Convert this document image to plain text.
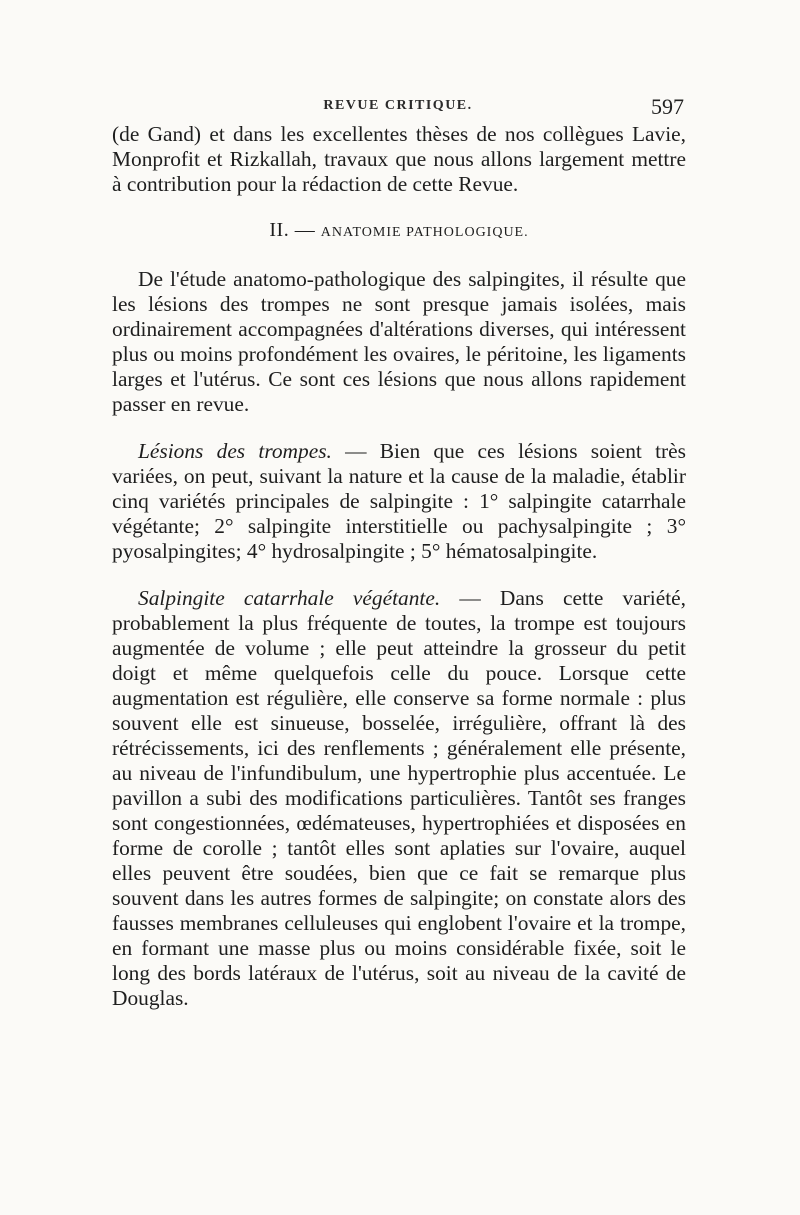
REVUE CRITIQUE.	597

(de Gand) et dans les excellentes thèses de nos collègues Lavie, Monprofit et Rizkallah, travaux que nous allons largement mettre à contribution pour la rédaction de cette Revue.

II. — ANATOMIE PATHOLOGIQUE.

De l'étude anatomo-pathologique des salpingites, il résulte que les lésions des trompes ne sont presque jamais isolées, mais ordinairement accompagnées d'altérations diverses, qui intéressent plus ou moins profondément les ovaires, le péritoine, les ligaments larges et l'utérus. Ce sont ces lésions que nous allons rapidement passer en revue.

Lésions des trompes. — Bien que ces lésions soient très variées, on peut, suivant la nature et la cause de la maladie, établir cinq variétés principales de salpingite : 1° salpingite catarrhale végétante; 2° salpingite interstitielle ou pachysalpingite ; 3° pyosalpingites; 4° hydrosalpingite ; 5° hématosalpingite.

Salpingite catarrhale végétante. — Dans cette variété, probablement la plus fréquente de toutes, la trompe est toujours augmentée de volume ; elle peut atteindre la grosseur du petit doigt et même quelquefois celle du pouce. Lorsque cette augmentation est régulière, elle conserve sa forme normale : plus souvent elle est sinueuse, bosselée, irrégulière, offrant là des rétrécissements, ici des renflements ; généralement elle présente, au niveau de l'infundibulum, une hypertrophie plus accentuée. Le pavillon a subi des modifications particulières. Tantôt ses franges sont congestionnées, œdémateuses, hypertrophiées et disposées en forme de corolle ; tantôt elles sont aplaties sur l'ovaire, auquel elles peuvent être soudées, bien que ce fait se remarque plus souvent dans les autres formes de salpingite; on constate alors des fausses membranes celluleuses qui englobent l'ovaire et la trompe, en formant une masse plus ou moins considérable fixée, soit le long des bords latéraux de l'utérus, soit au niveau de la cavité de Douglas.
